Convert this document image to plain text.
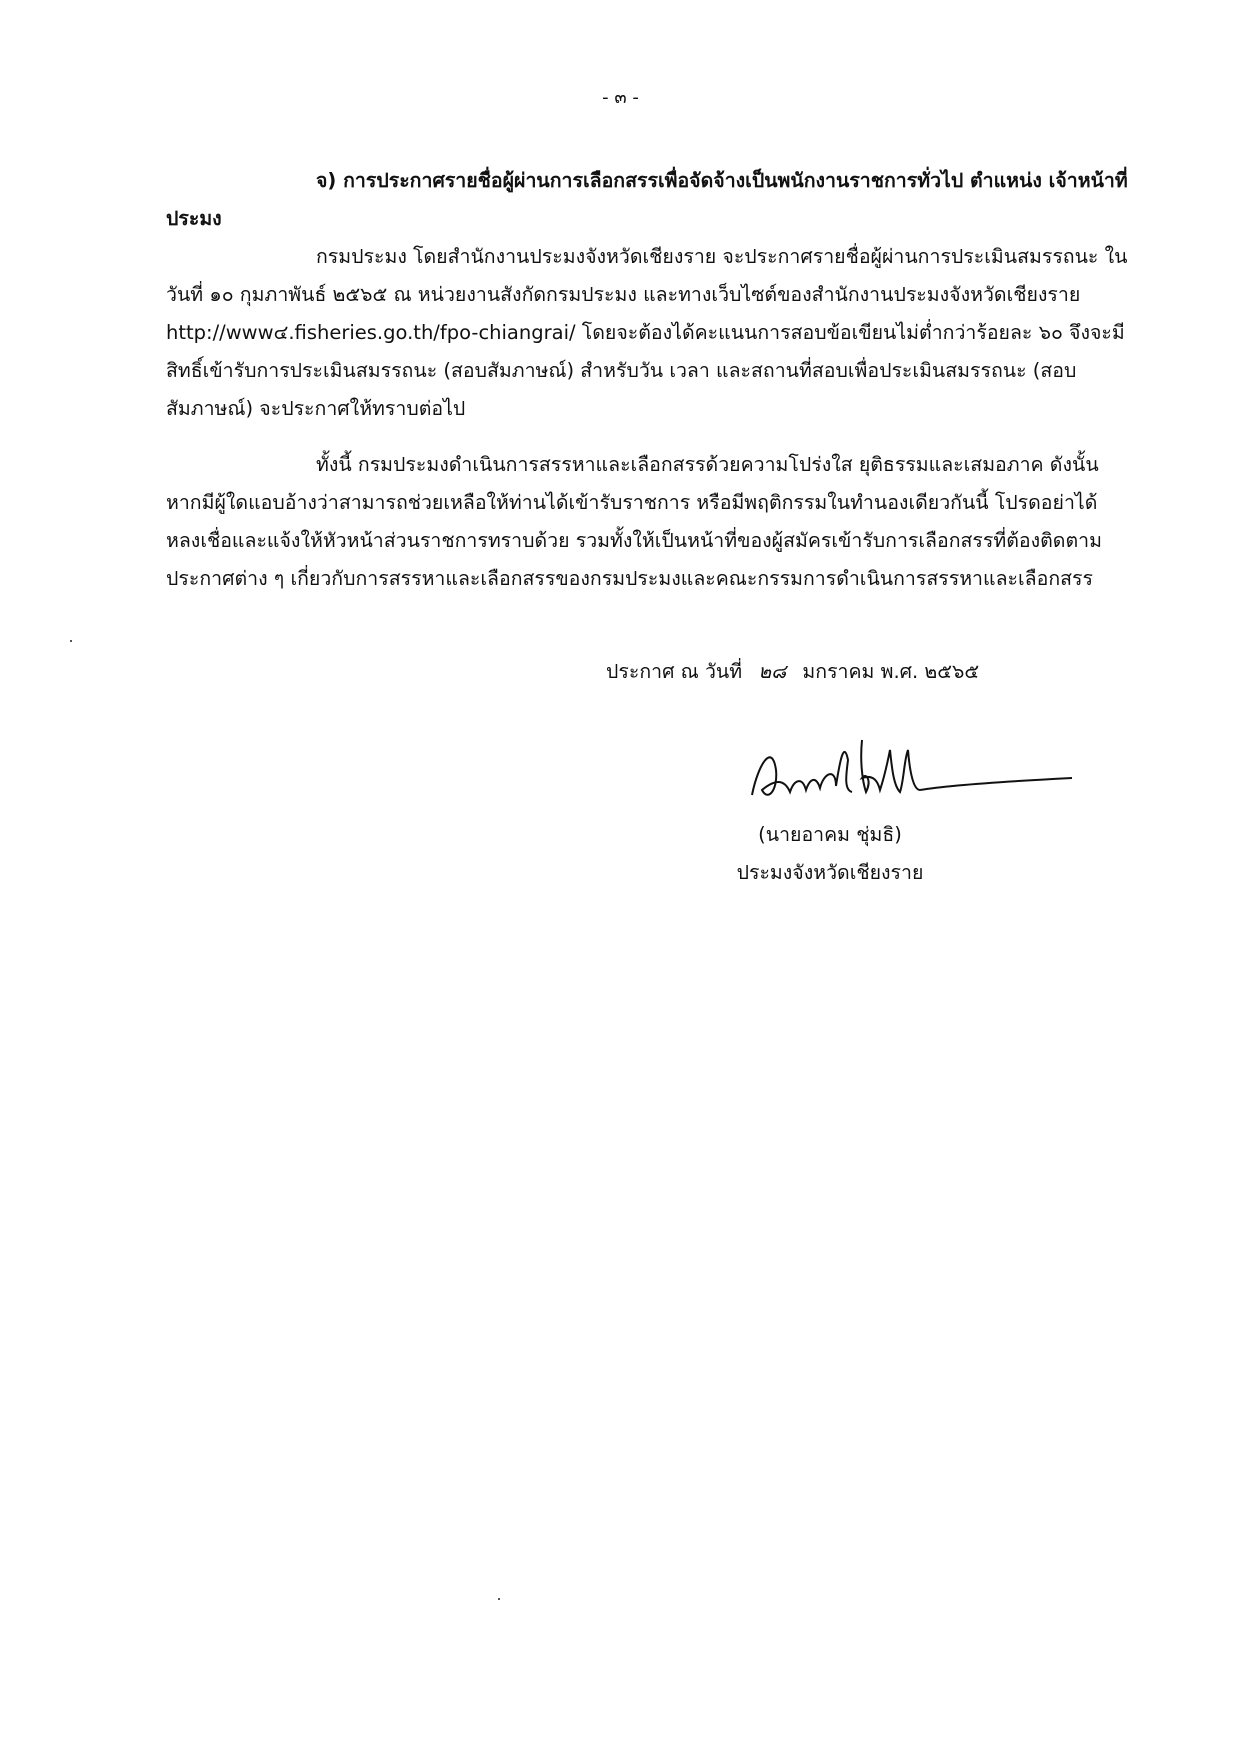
- ๓ -

จ) การประกาศรายชื่อผู้ผ่านการเลือกสรรเพื่อจัดจ้างเป็นพนักงานราชการทั่วไป ตำแหน่ง เจ้าหน้าที่ประมง

กรมประมง โดยสำนักงานประมงจังหวัดเชียงราย จะประกาศรายชื่อผู้ผ่านการประเมินสมรรถนะ ในวันที่ ๑๐ กุมภาพันธ์ ๒๕๖๕ ณ หน่วยงานสังกัดกรมประมง และทางเว็บไซต์ของสำนักงานประมงจังหวัดเชียงราย http://www๔.fisheries.go.th/fpo-chiangrai/ โดยจะต้องได้คะแนนการสอบข้อเขียนไม่ต่ำกว่าร้อยละ ๖๐ จึงจะมีสิทธิ์เข้ารับการประเมินสมรรถนะ (สอบสัมภาษณ์) สำหรับวัน เวลา และสถานที่สอบเพื่อประเมินสมรรถนะ (สอบสัมภาษณ์) จะประกาศให้ทราบต่อไป

ทั้งนี้ กรมประมงดำเนินการสรรหาและเลือกสรรด้วยความโปร่งใส ยุติธรรมและเสมอภาค ดังนั้น หากมีผู้ใดแอบอ้างว่าสามารถช่วยเหลือให้ท่านได้เข้ารับราชการ หรือมีพฤติกรรมในทำนองเดียวกันนี้ โปรดอย่าได้หลงเชื่อและแจ้งให้หัวหน้าส่วนราชการทราบด้วย รวมทั้งให้เป็นหน้าที่ของผู้สมัครเข้ารับการเลือกสรรที่ต้องติดตามประกาศต่าง ๆ เกี่ยวกับการสรรหาและเลือกสรรของกรมประมงและคณะกรรมการดำเนินการสรรหาและเลือกสรร

ประกาศ ณ วันที่ ๒๘ มกราคม พ.ศ. ๒๕๖๕
(นายอาคม ชุ่มธิ)
ประมงจังหวัดเชียงราย
